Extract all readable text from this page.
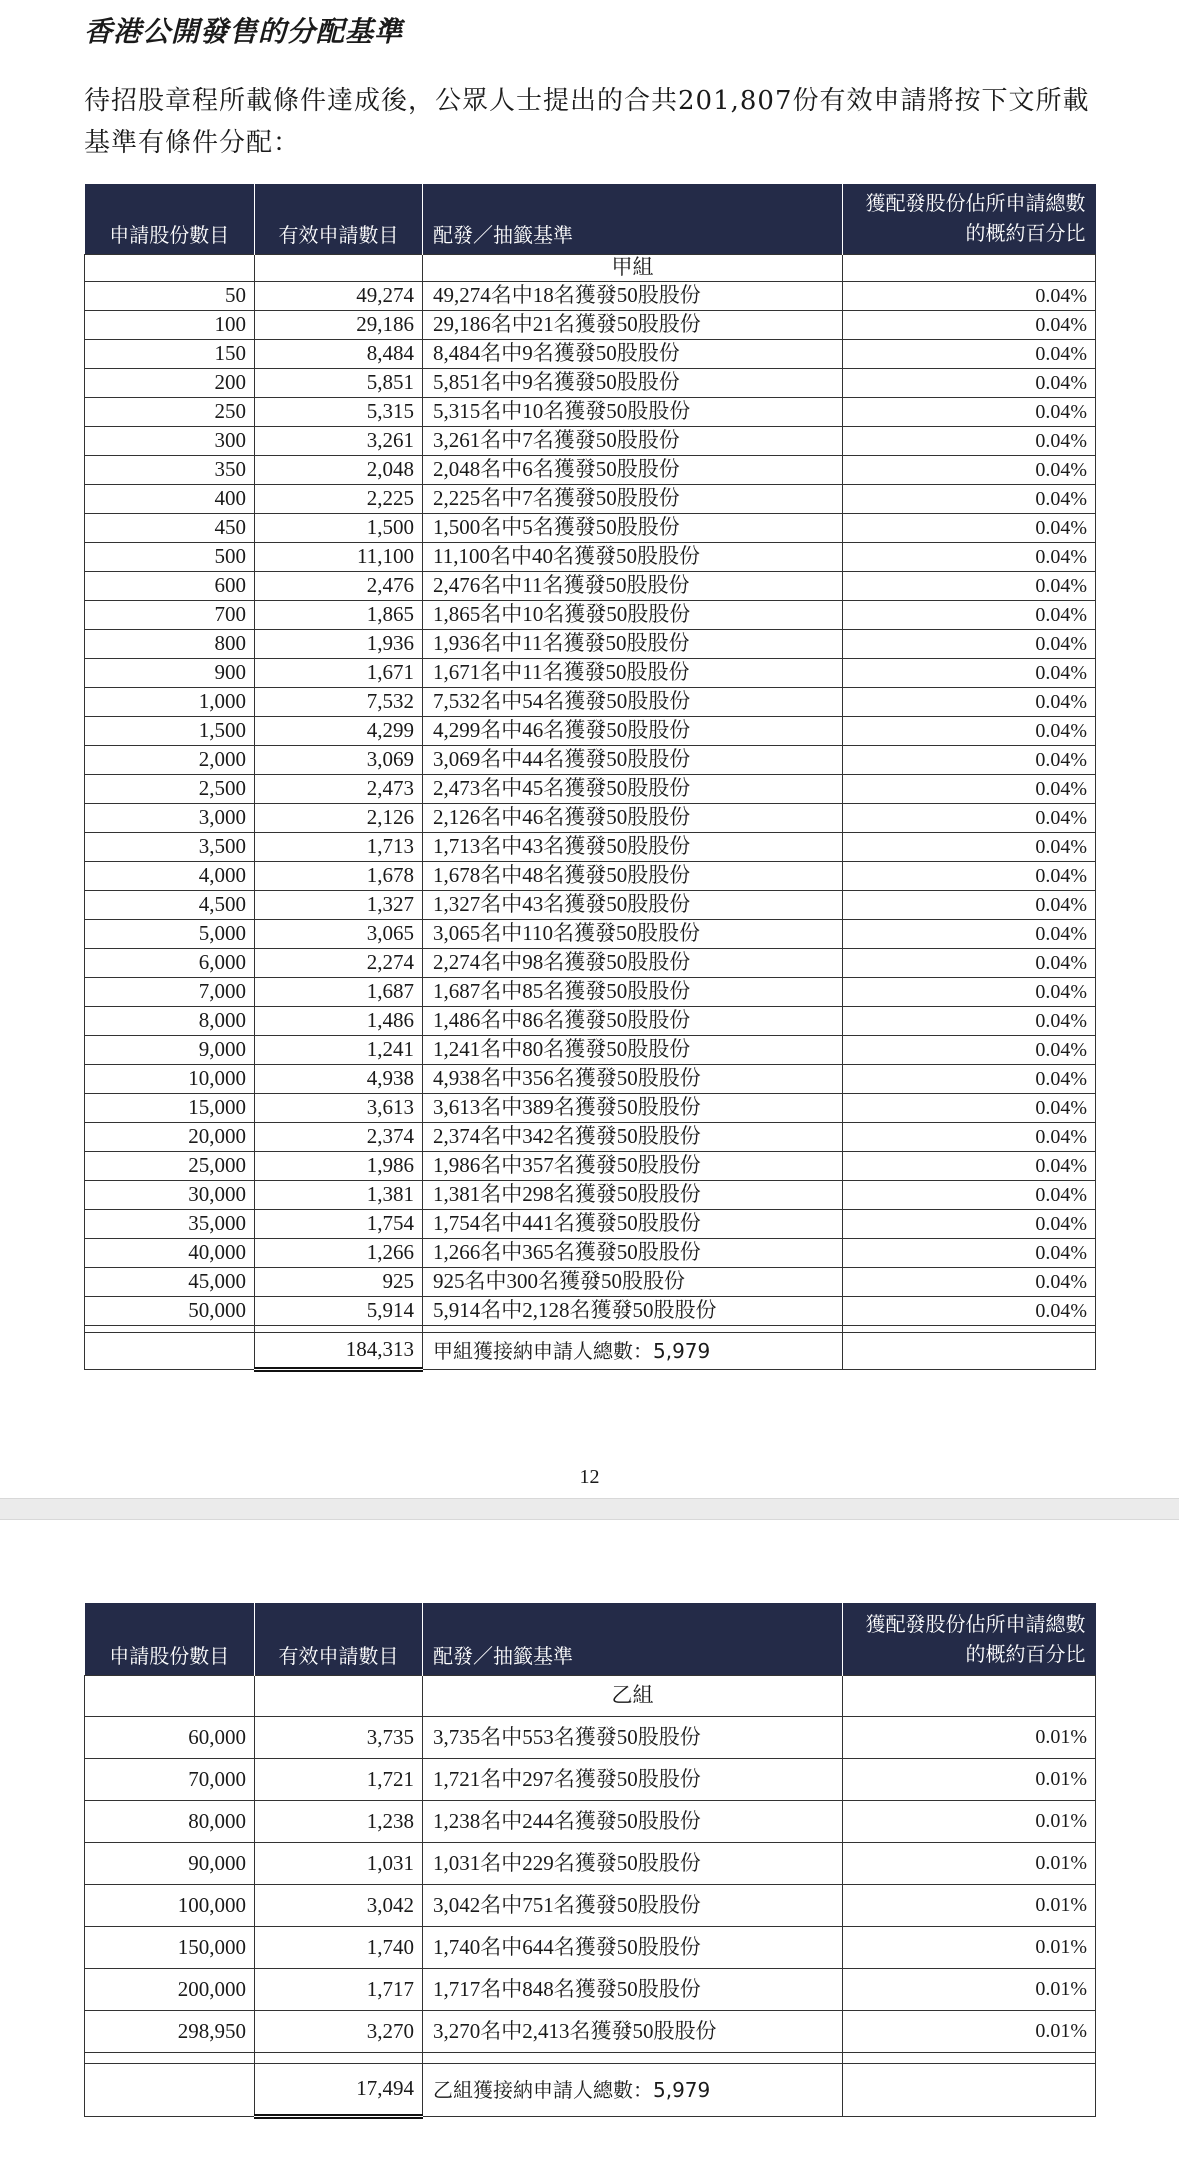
香港公開發售的分配基準
待招股章程所載條件達成後，公眾人士提出的合共201,807份有效申請將按下文所載基準有條件分配：
申請股份數目	有效申請數目	配發／抽籤基準	獲配發股份佔所申請總數
的概約百分比
		甲組	
50	49,274	49,274名中18名獲發50股股份	0.04%
100	29,186	29,186名中21名獲發50股股份	0.04%
150	8,484	8,484名中9名獲發50股股份	0.04%
200	5,851	5,851名中9名獲發50股股份	0.04%
250	5,315	5,315名中10名獲發50股股份	0.04%
300	3,261	3,261名中7名獲發50股股份	0.04%
350	2,048	2,048名中6名獲發50股股份	0.04%
400	2,225	2,225名中7名獲發50股股份	0.04%
450	1,500	1,500名中5名獲發50股股份	0.04%
500	11,100	11,100名中40名獲發50股股份	0.04%
600	2,476	2,476名中11名獲發50股股份	0.04%
700	1,865	1,865名中10名獲發50股股份	0.04%
800	1,936	1,936名中11名獲發50股股份	0.04%
900	1,671	1,671名中11名獲發50股股份	0.04%
1,000	7,532	7,532名中54名獲發50股股份	0.04%
1,500	4,299	4,299名中46名獲發50股股份	0.04%
2,000	3,069	3,069名中44名獲發50股股份	0.04%
2,500	2,473	2,473名中45名獲發50股股份	0.04%
3,000	2,126	2,126名中46名獲發50股股份	0.04%
3,500	1,713	1,713名中43名獲發50股股份	0.04%
4,000	1,678	1,678名中48名獲發50股股份	0.04%
4,500	1,327	1,327名中43名獲發50股股份	0.04%
5,000	3,065	3,065名中110名獲發50股股份	0.04%
6,000	2,274	2,274名中98名獲發50股股份	0.04%
7,000	1,687	1,687名中85名獲發50股股份	0.04%
8,000	1,486	1,486名中86名獲發50股股份	0.04%
9,000	1,241	1,241名中80名獲發50股股份	0.04%
10,000	4,938	4,938名中356名獲發50股股份	0.04%
15,000	3,613	3,613名中389名獲發50股股份	0.04%
20,000	2,374	2,374名中342名獲發50股股份	0.04%
25,000	1,986	1,986名中357名獲發50股股份	0.04%
30,000	1,381	1,381名中298名獲發50股股份	0.04%
35,000	1,754	1,754名中441名獲發50股股份	0.04%
40,000	1,266	1,266名中365名獲發50股股份	0.04%
45,000	925	925名中300名獲發50股股份	0.04%
50,000	5,914	5,914名中2,128名獲發50股股份	0.04%

	184,313	甲組獲接納申請人總數：5,979	
12
申請股份數目	有效申請數目	配發／抽籤基準	獲配發股份佔所申請總數
的概約百分比
		乙組	
60,000	3,735	3,735名中553名獲發50股股份	0.01%
70,000	1,721	1,721名中297名獲發50股股份	0.01%
80,000	1,238	1,238名中244名獲發50股股份	0.01%
90,000	1,031	1,031名中229名獲發50股股份	0.01%
100,000	3,042	3,042名中751名獲發50股股份	0.01%
150,000	1,740	1,740名中644名獲發50股股份	0.01%
200,000	1,717	1,717名中848名獲發50股股份	0.01%
298,950	3,270	3,270名中2,413名獲發50股股份	0.01%

	17,494	乙組獲接納申請人總數：5,979	
